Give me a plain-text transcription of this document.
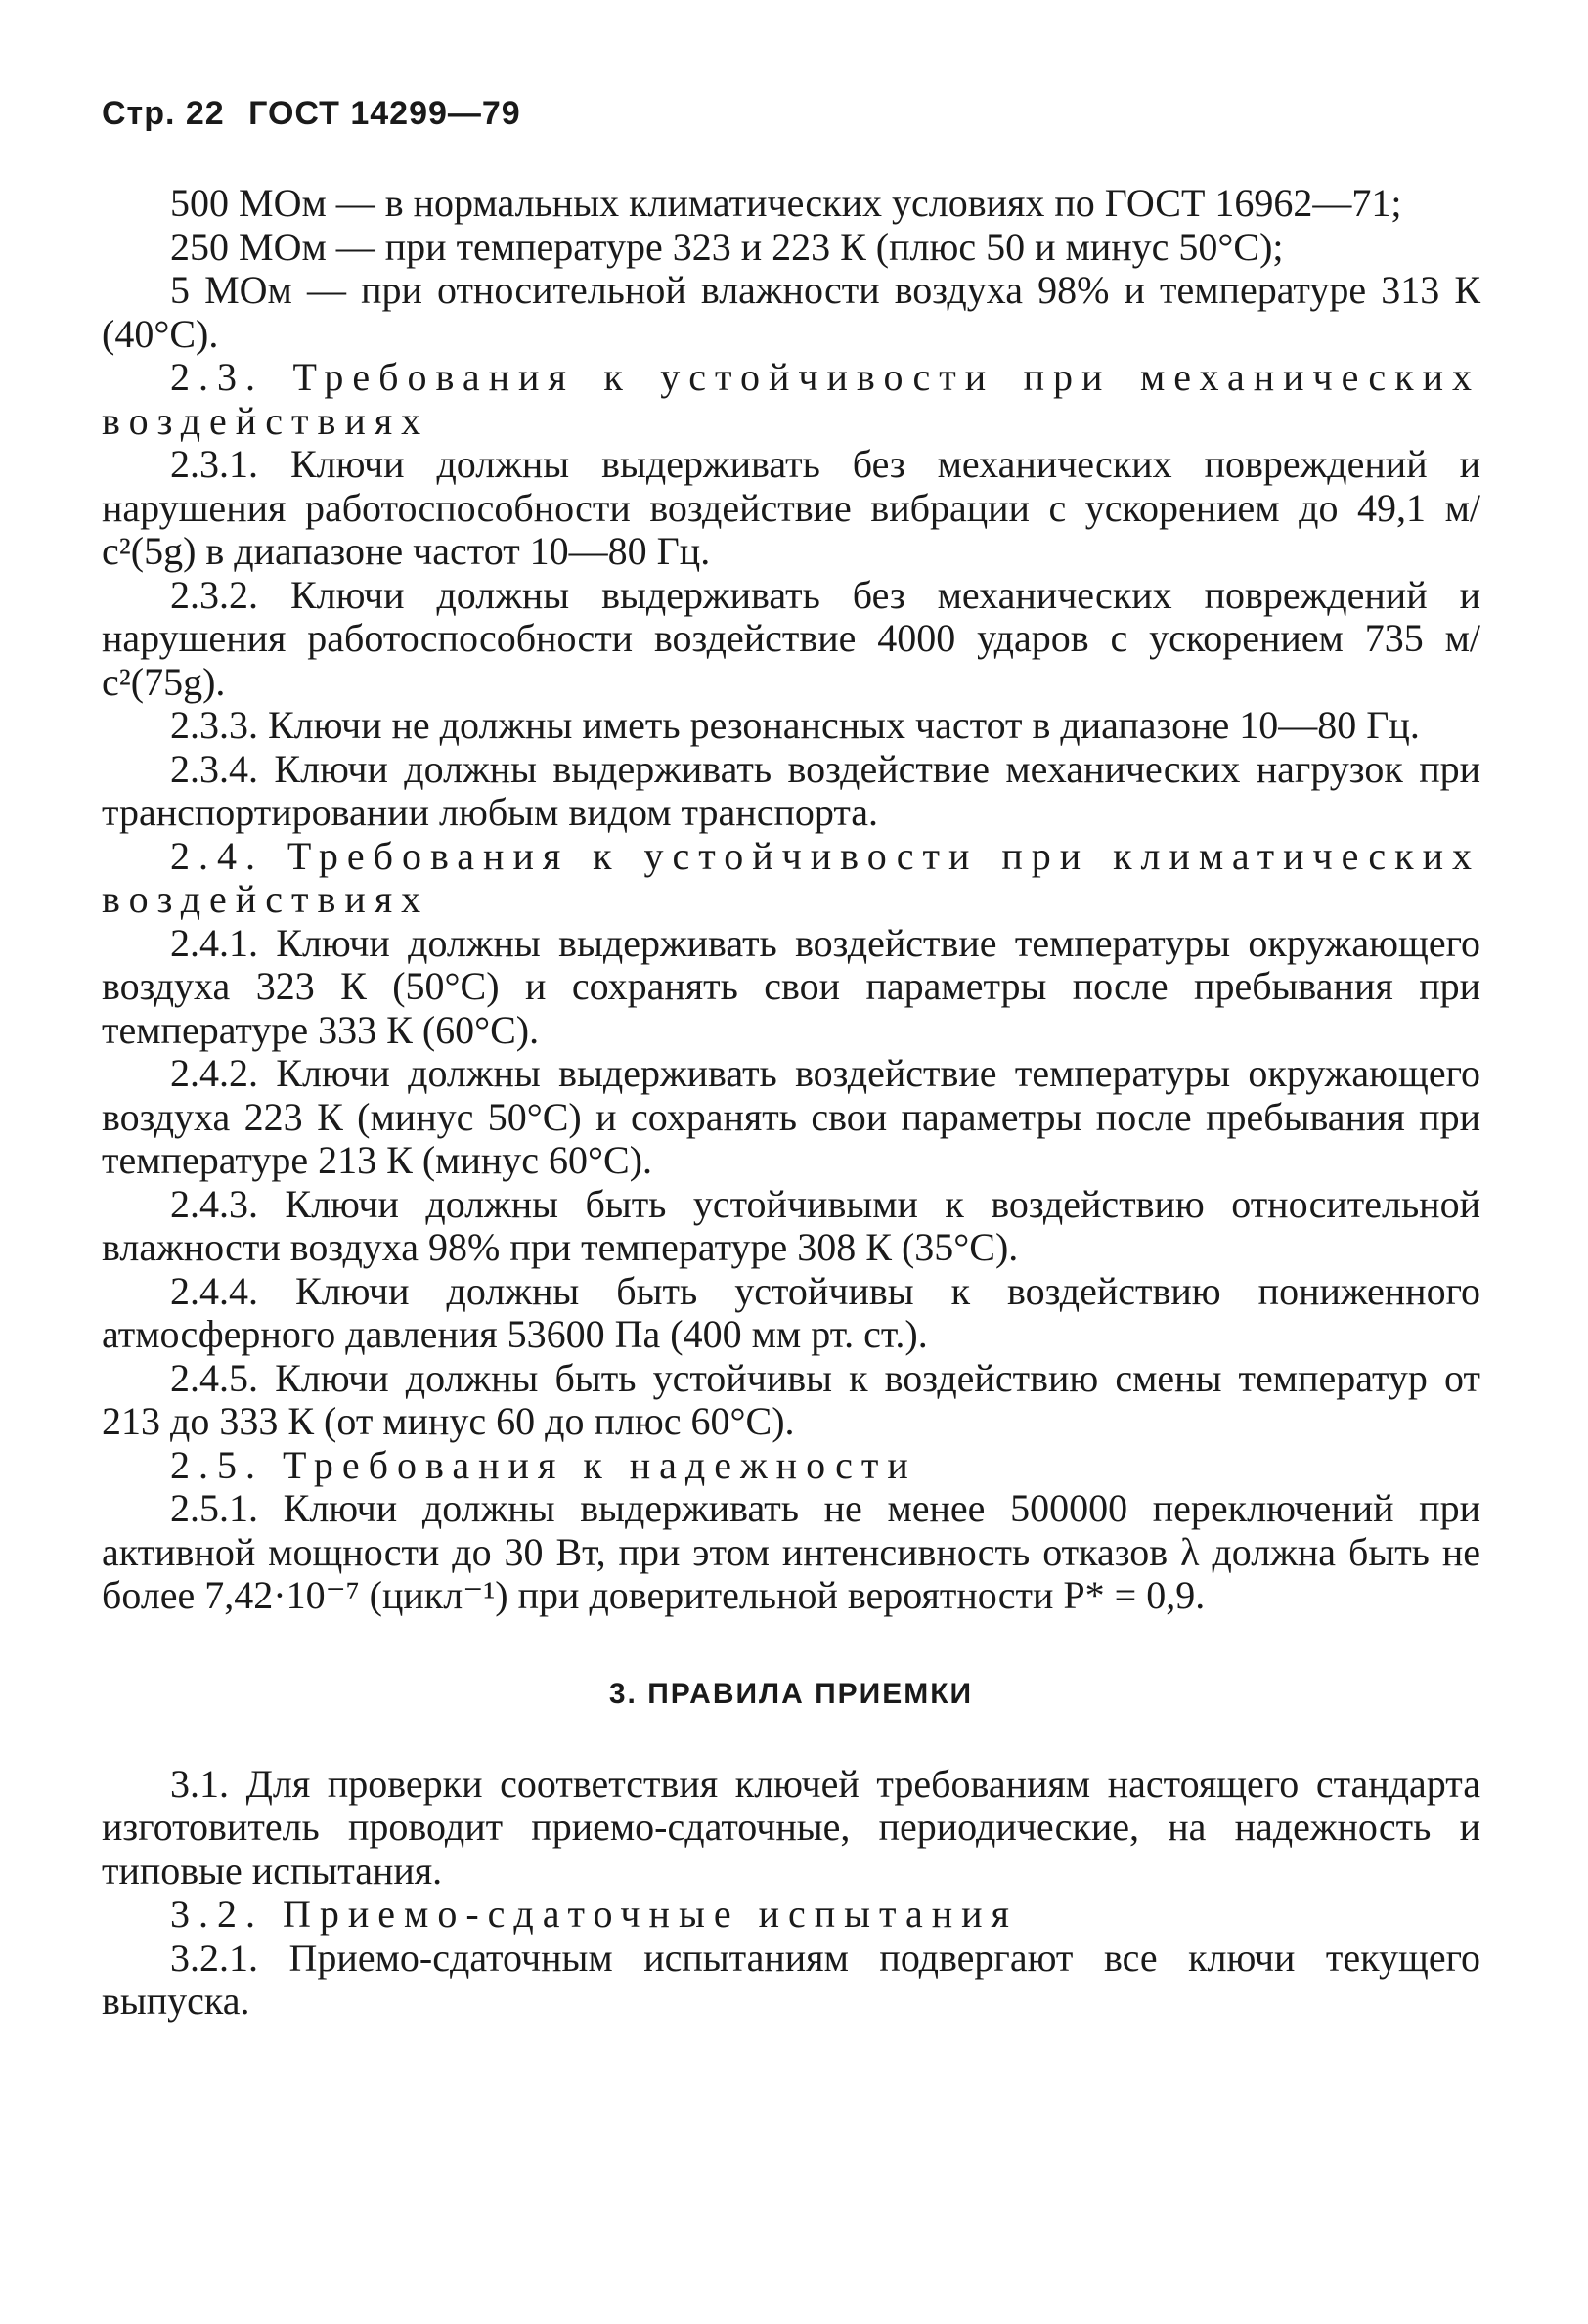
Стр. 22 ГОСТ 14299—79

500 МОм — в нормальных климатических условиях по ГОСТ 16962—71;

250 МОм — при температуре 323 и 223 К (плюс 50 и минус 50°С);

5 МОм — при относительной влажности воздуха 98% и температуре 313 К (40°С).

2.3. Требования к устойчивости при механических воздействиях

2.3.1. Ключи должны выдерживать без механических повреждений и нарушения работоспособности воздействие вибрации с ускорением до 49,1 м/с²(5g) в диапазоне частот 10—80 Гц.

2.3.2. Ключи должны выдерживать без механических повреждений и нарушения работоспособности воздействие 4000 ударов с ускорением 735 м/с²(75g).

2.3.3. Ключи не должны иметь резонансных частот в диапазоне 10—80 Гц.

2.3.4. Ключи должны выдерживать воздействие механических нагрузок при транспортировании любым видом транспорта.

2.4. Требования к устойчивости при климатических воздействиях

2.4.1. Ключи должны выдерживать воздействие температуры окружающего воздуха 323 К (50°С) и сохранять свои параметры после пребывания при температуре 333 К (60°С).

2.4.2. Ключи должны выдерживать воздействие температуры окружающего воздуха 223 К (минус 50°С) и сохранять свои параметры после пребывания при температуре 213 К (минус 60°С).

2.4.3. Ключи должны быть устойчивыми к воздействию относительной влажности воздуха 98% при температуре 308 К (35°С).

2.4.4. Ключи должны быть устойчивы к воздействию пониженного атмосферного давления 53600 Па (400 мм рт. ст.).

2.4.5. Ключи должны быть устойчивы к воздействию смены температур от 213 до 333 К (от минус 60 до плюс 60°С).

2.5. Требования к надежности

2.5.1. Ключи должны выдерживать не менее 500000 переключений при активной мощности до 30 Вт, при этом интенсивность отказов λ должна быть не более 7,42·10⁻⁷ (цикл⁻¹) при доверительной вероятности P* = 0,9.

3. ПРАВИЛА ПРИЕМКИ

3.1. Для проверки соответствия ключей требованиям настоящего стандарта изготовитель проводит приемо-сдаточные, периодические, на надежность и типовые испытания.

3.2. Приемо-сдаточные испытания

3.2.1. Приемо-сдаточным испытаниям подвергают все ключи текущего выпуска.
